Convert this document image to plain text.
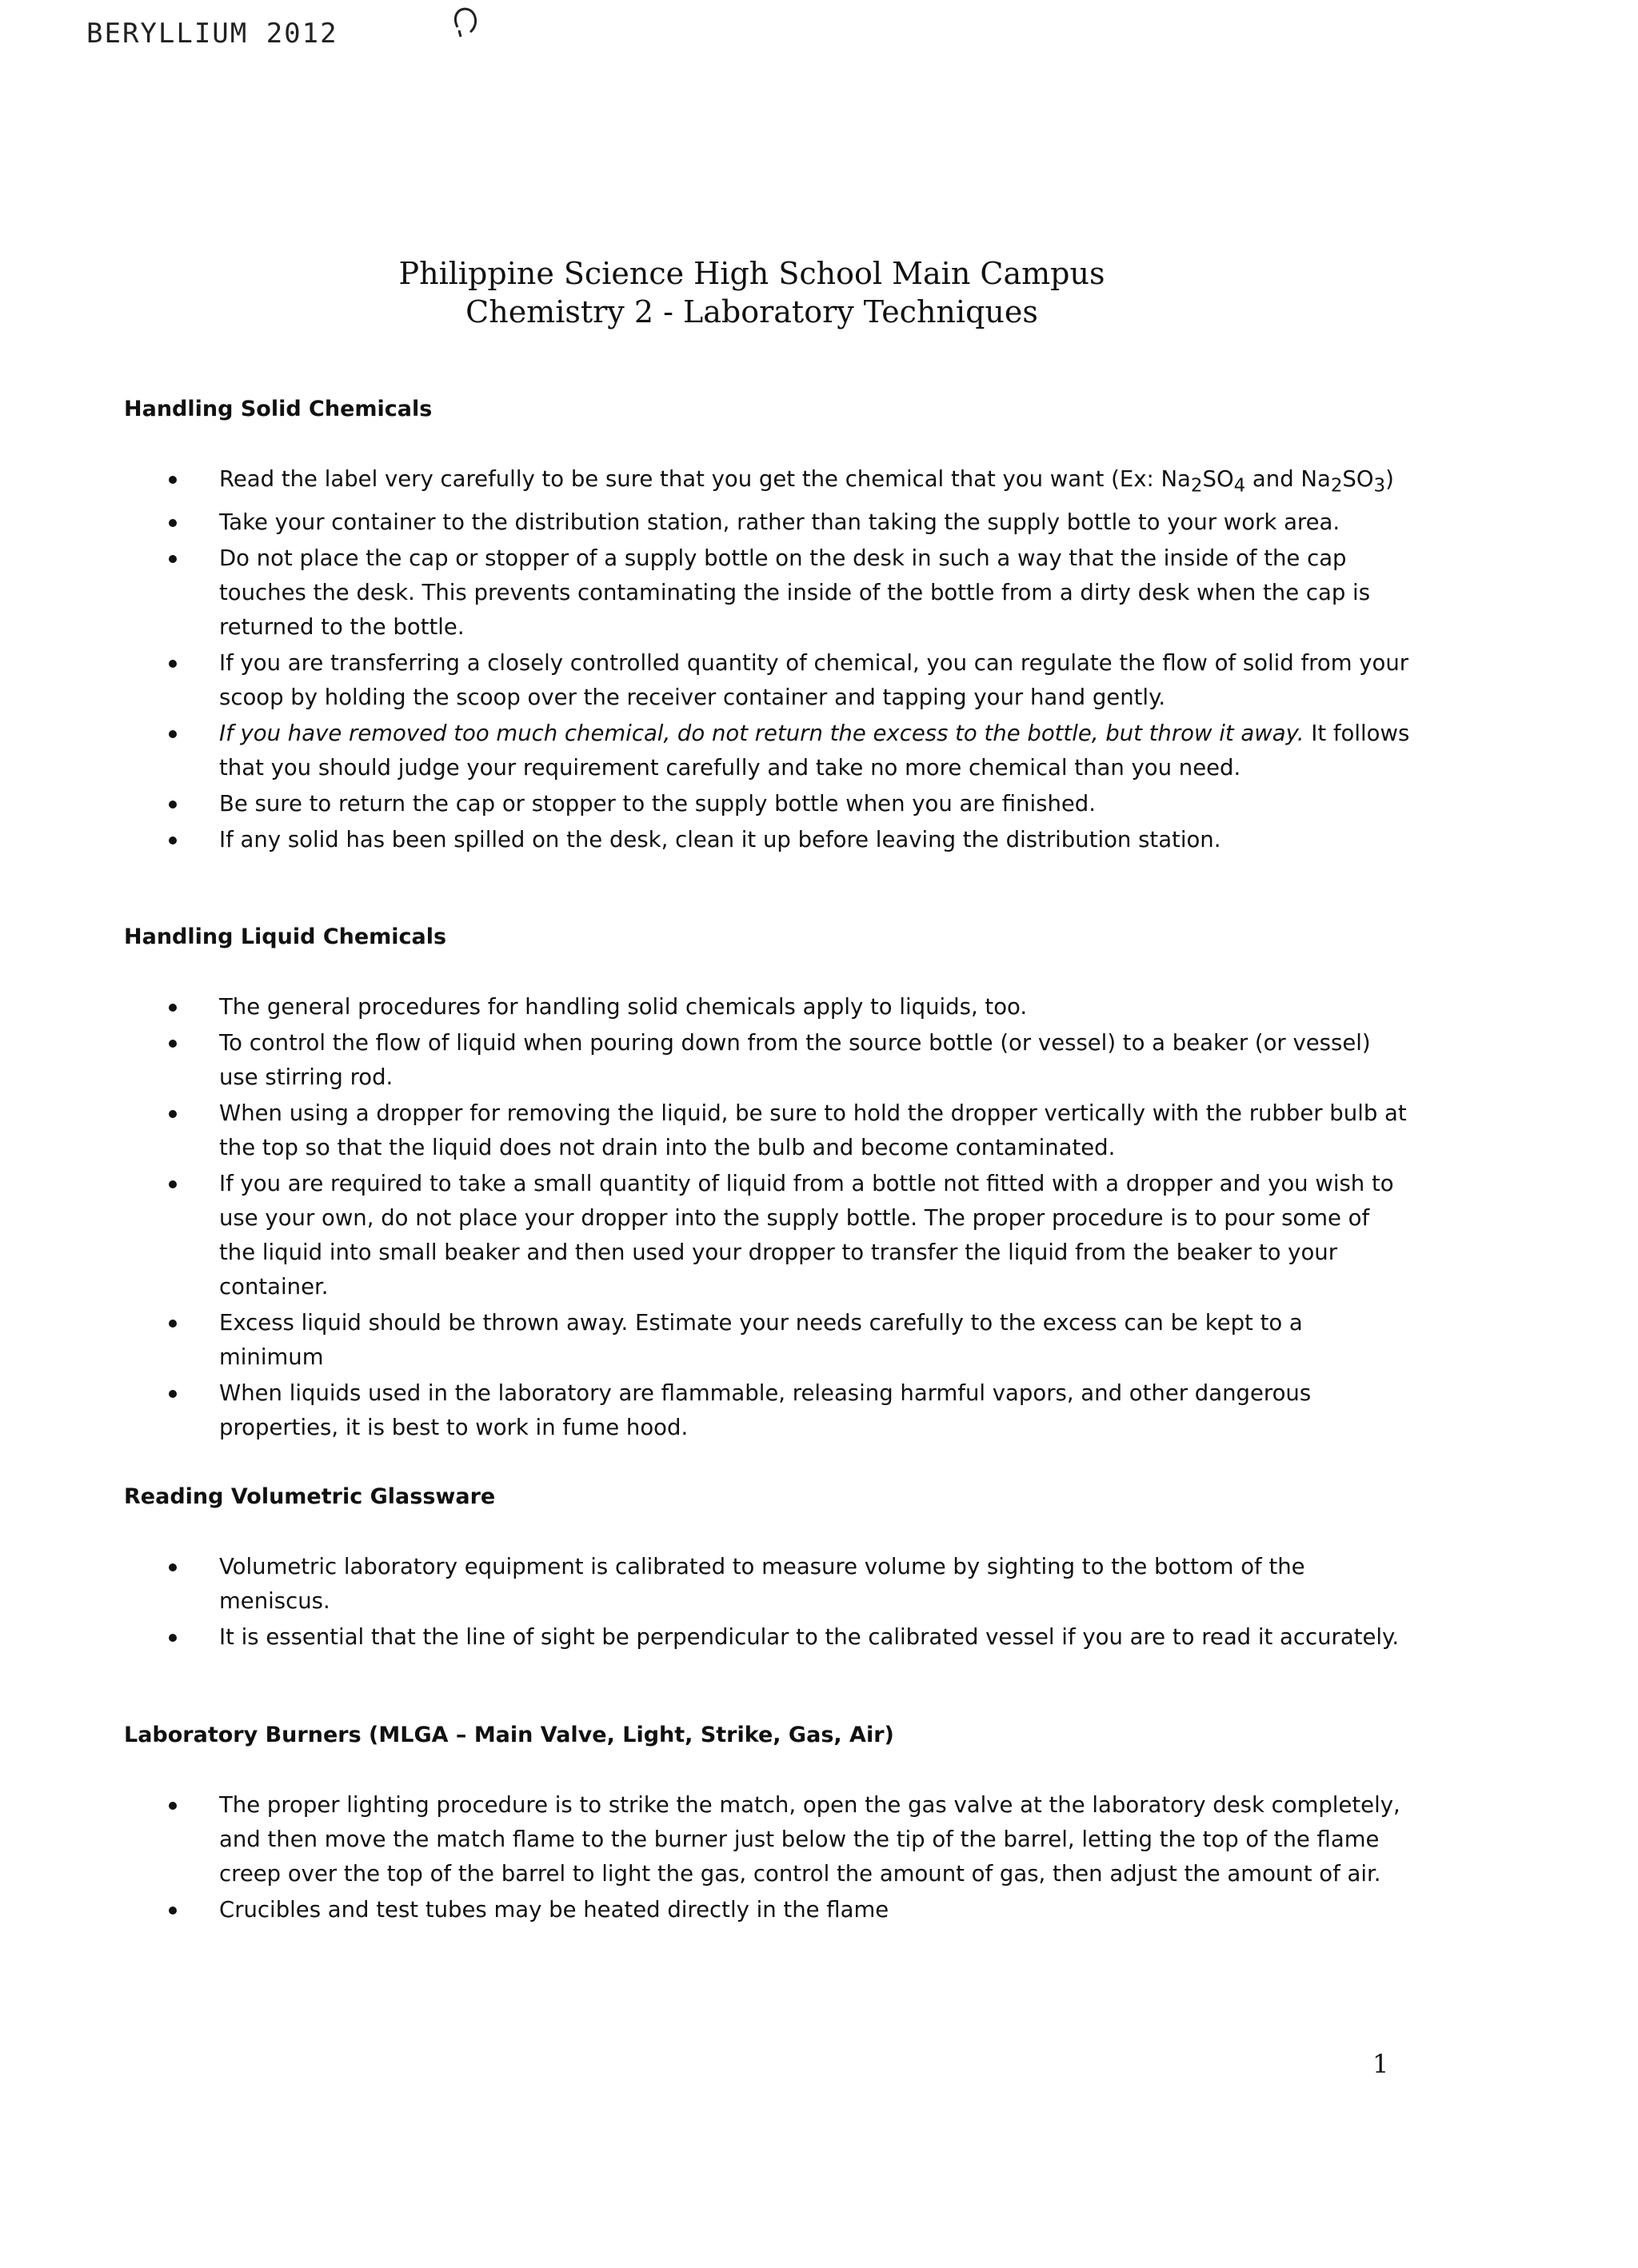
BERYLLIUM 2012
Philippine Science High School Main Campus
Chemistry 2 - Laboratory Techniques
Handling Solid Chemicals
Read the label very carefully to be sure that you get the chemical that you want (Ex: $Na_2SO_4$ and $Na_2SO_3$)
Take your container to the distribution station, rather than taking the supply bottle to your work area.
Do not place the cap or stopper of a supply bottle on the desk in such a way that the inside of the cap touches the desk. This prevents contaminating the inside of the bottle from a dirty desk when the cap is returned to the bottle.
If you are transferring a closely controlled quantity of chemical, you can regulate the flow of solid from your scoop by holding the scoop over the receiver container and tapping your hand gently.
If you have removed too much chemical, do not return the excess to the bottle, but throw it away. It follows that you should judge your requirement carefully and take no more chemical than you need.
Be sure to return the cap or stopper to the supply bottle when you are finished.
If any solid has been spilled on the desk, clean it up before leaving the distribution station.
Handling Liquid Chemicals
The general procedures for handling solid chemicals apply to liquids, too.
To control the flow of liquid when pouring down from the source bottle (or vessel) to a beaker (or vessel) use stirring rod.
When using a dropper for removing the liquid, be sure to hold the dropper vertically with the rubber bulb at the top so that the liquid does not drain into the bulb and become contaminated.
If you are required to take a small quantity of liquid from a bottle not fitted with a dropper and you wish to use your own, do not place your dropper into the supply bottle. The proper procedure is to pour some of the liquid into small beaker and then used your dropper to transfer the liquid from the beaker to your container.
Excess liquid should be thrown away. Estimate your needs carefully to the excess can be kept to a minimum
When liquids used in the laboratory are flammable, releasing harmful vapors, and other dangerous properties, it is best to work in fume hood.
Reading Volumetric Glassware
Volumetric laboratory equipment is calibrated to measure volume by sighting to the bottom of the meniscus.
It is essential that the line of sight be perpendicular to the calibrated vessel if you are to read it accurately.
Laboratory Burners (MLGA – Main Valve, Light, Strike, Gas, Air)
The proper lighting procedure is to strike the match, open the gas valve at the laboratory desk completely, and then move the match flame to the burner just below the tip of the barrel, letting the top of the flame creep over the top of the barrel to light the gas, control the amount of gas, then adjust the amount of air.
Crucibles and test tubes may be heated directly in the flame
1
